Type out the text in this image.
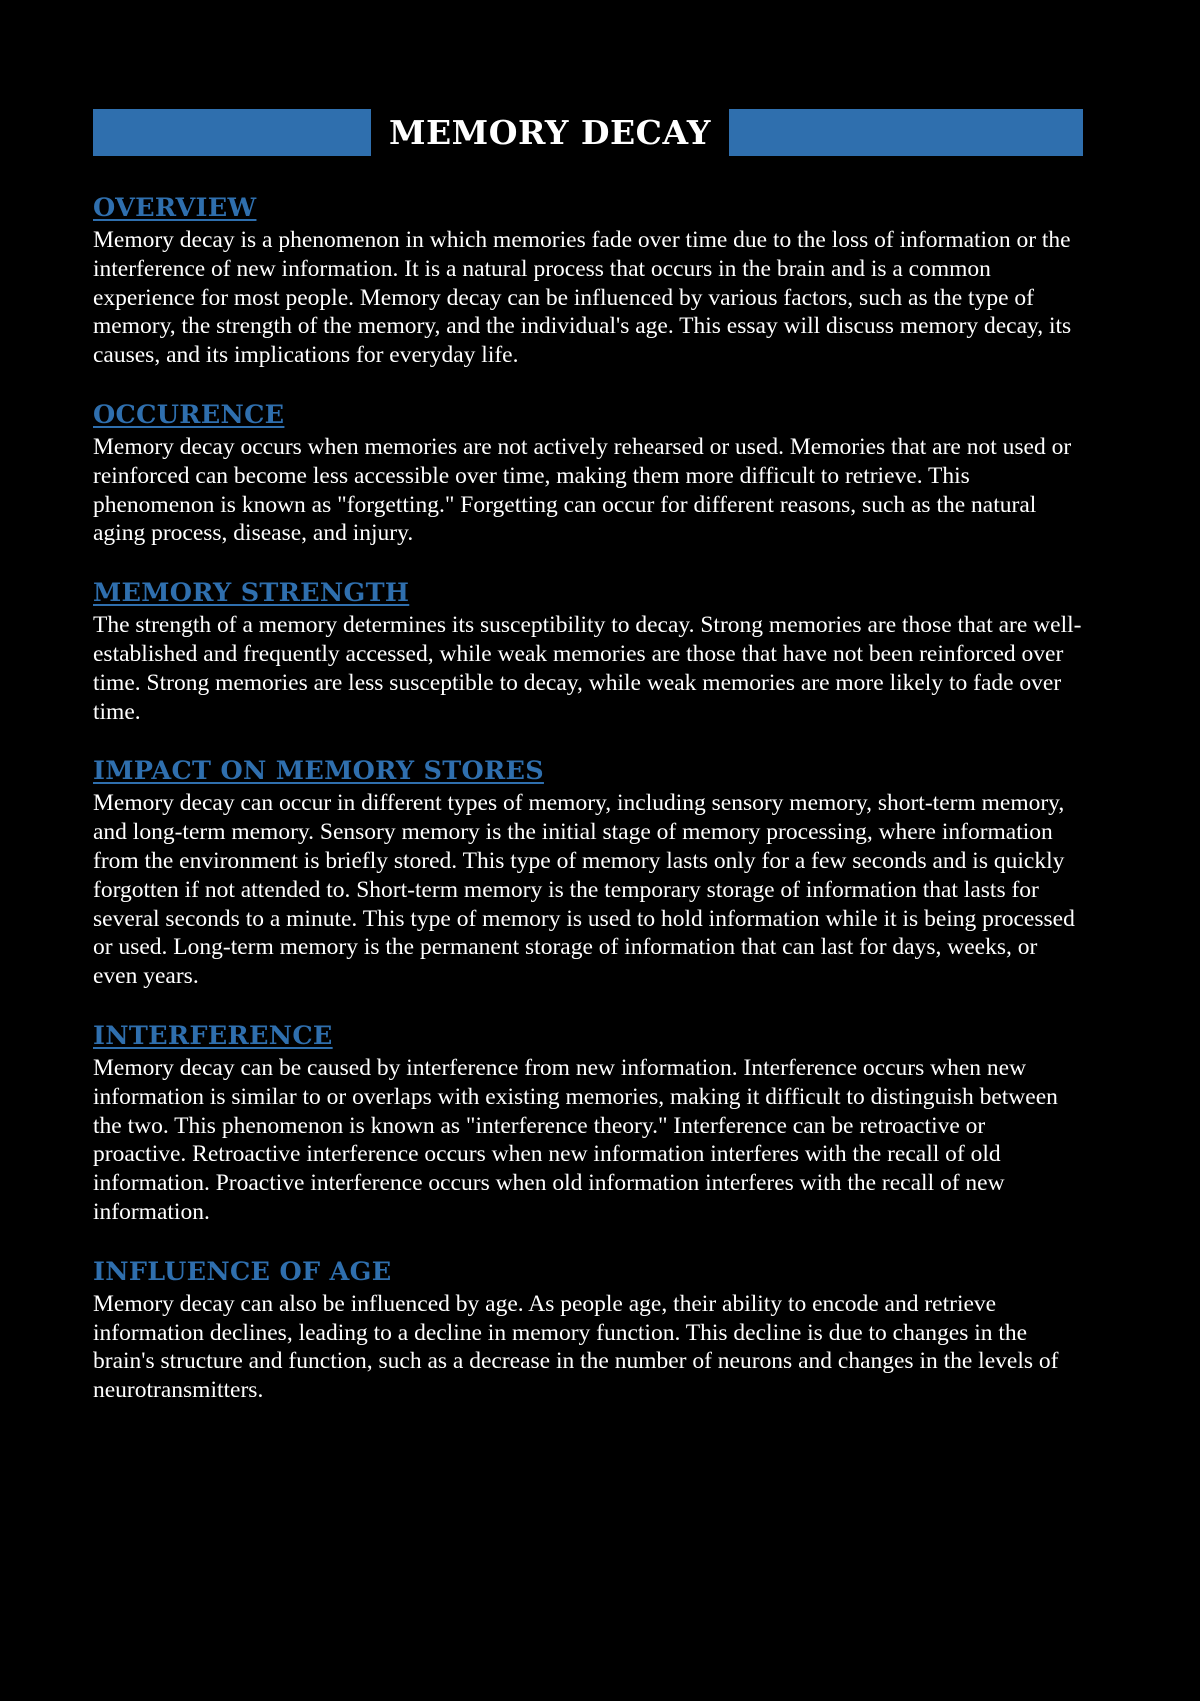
MEMORY DECAY
OVERVIEW

Memory decay is a phenomenon in which memories fade over time due to the loss of information or the interference of new information. It is a natural process that occurs in the brain and is a common experience for most people. Memory decay can be influenced by various factors, such as the type of memory, the strength of the memory, and the individual's age. This essay will discuss memory decay, its causes, and its implications for everyday life.

OCCURENCE

Memory decay occurs when memories are not actively rehearsed or used. Memories that are not used or reinforced can become less accessible over time, making them more difficult to retrieve. This phenomenon is known as "forgetting." Forgetting can occur for different reasons, such as the natural aging process, disease, and injury.

MEMORY STRENGTH

The strength of a memory determines its susceptibility to decay. Strong memories are those that are well-established and frequently accessed, while weak memories are those that have not been reinforced over time. Strong memories are less susceptible to decay, while weak memories are more likely to fade over time.

IMPACT ON MEMORY STORES

Memory decay can occur in different types of memory, including sensory memory, short-term memory, and long-term memory. Sensory memory is the initial stage of memory processing, where information from the environment is briefly stored. This type of memory lasts only for a few seconds and is quickly forgotten if not attended to. Short-term memory is the temporary storage of information that lasts for several seconds to a minute. This type of memory is used to hold information while it is being processed or used. Long-term memory is the permanent storage of information that can last for days, weeks, or even years.

INTERFERENCE

Memory decay can be caused by interference from new information. Interference occurs when new information is similar to or overlaps with existing memories, making it difficult to distinguish between the two. This phenomenon is known as "interference theory." Interference can be retroactive or proactive. Retroactive interference occurs when new information interferes with the recall of old information. Proactive interference occurs when old information interferes with the recall of new information.

INFLUENCE OF AGE

Memory decay can also be influenced by age. As people age, their ability to encode and retrieve information declines, leading to a decline in memory function. This decline is due to changes in the brain's structure and function, such as a decrease in the number of neurons and changes in the levels of neurotransmitters.
